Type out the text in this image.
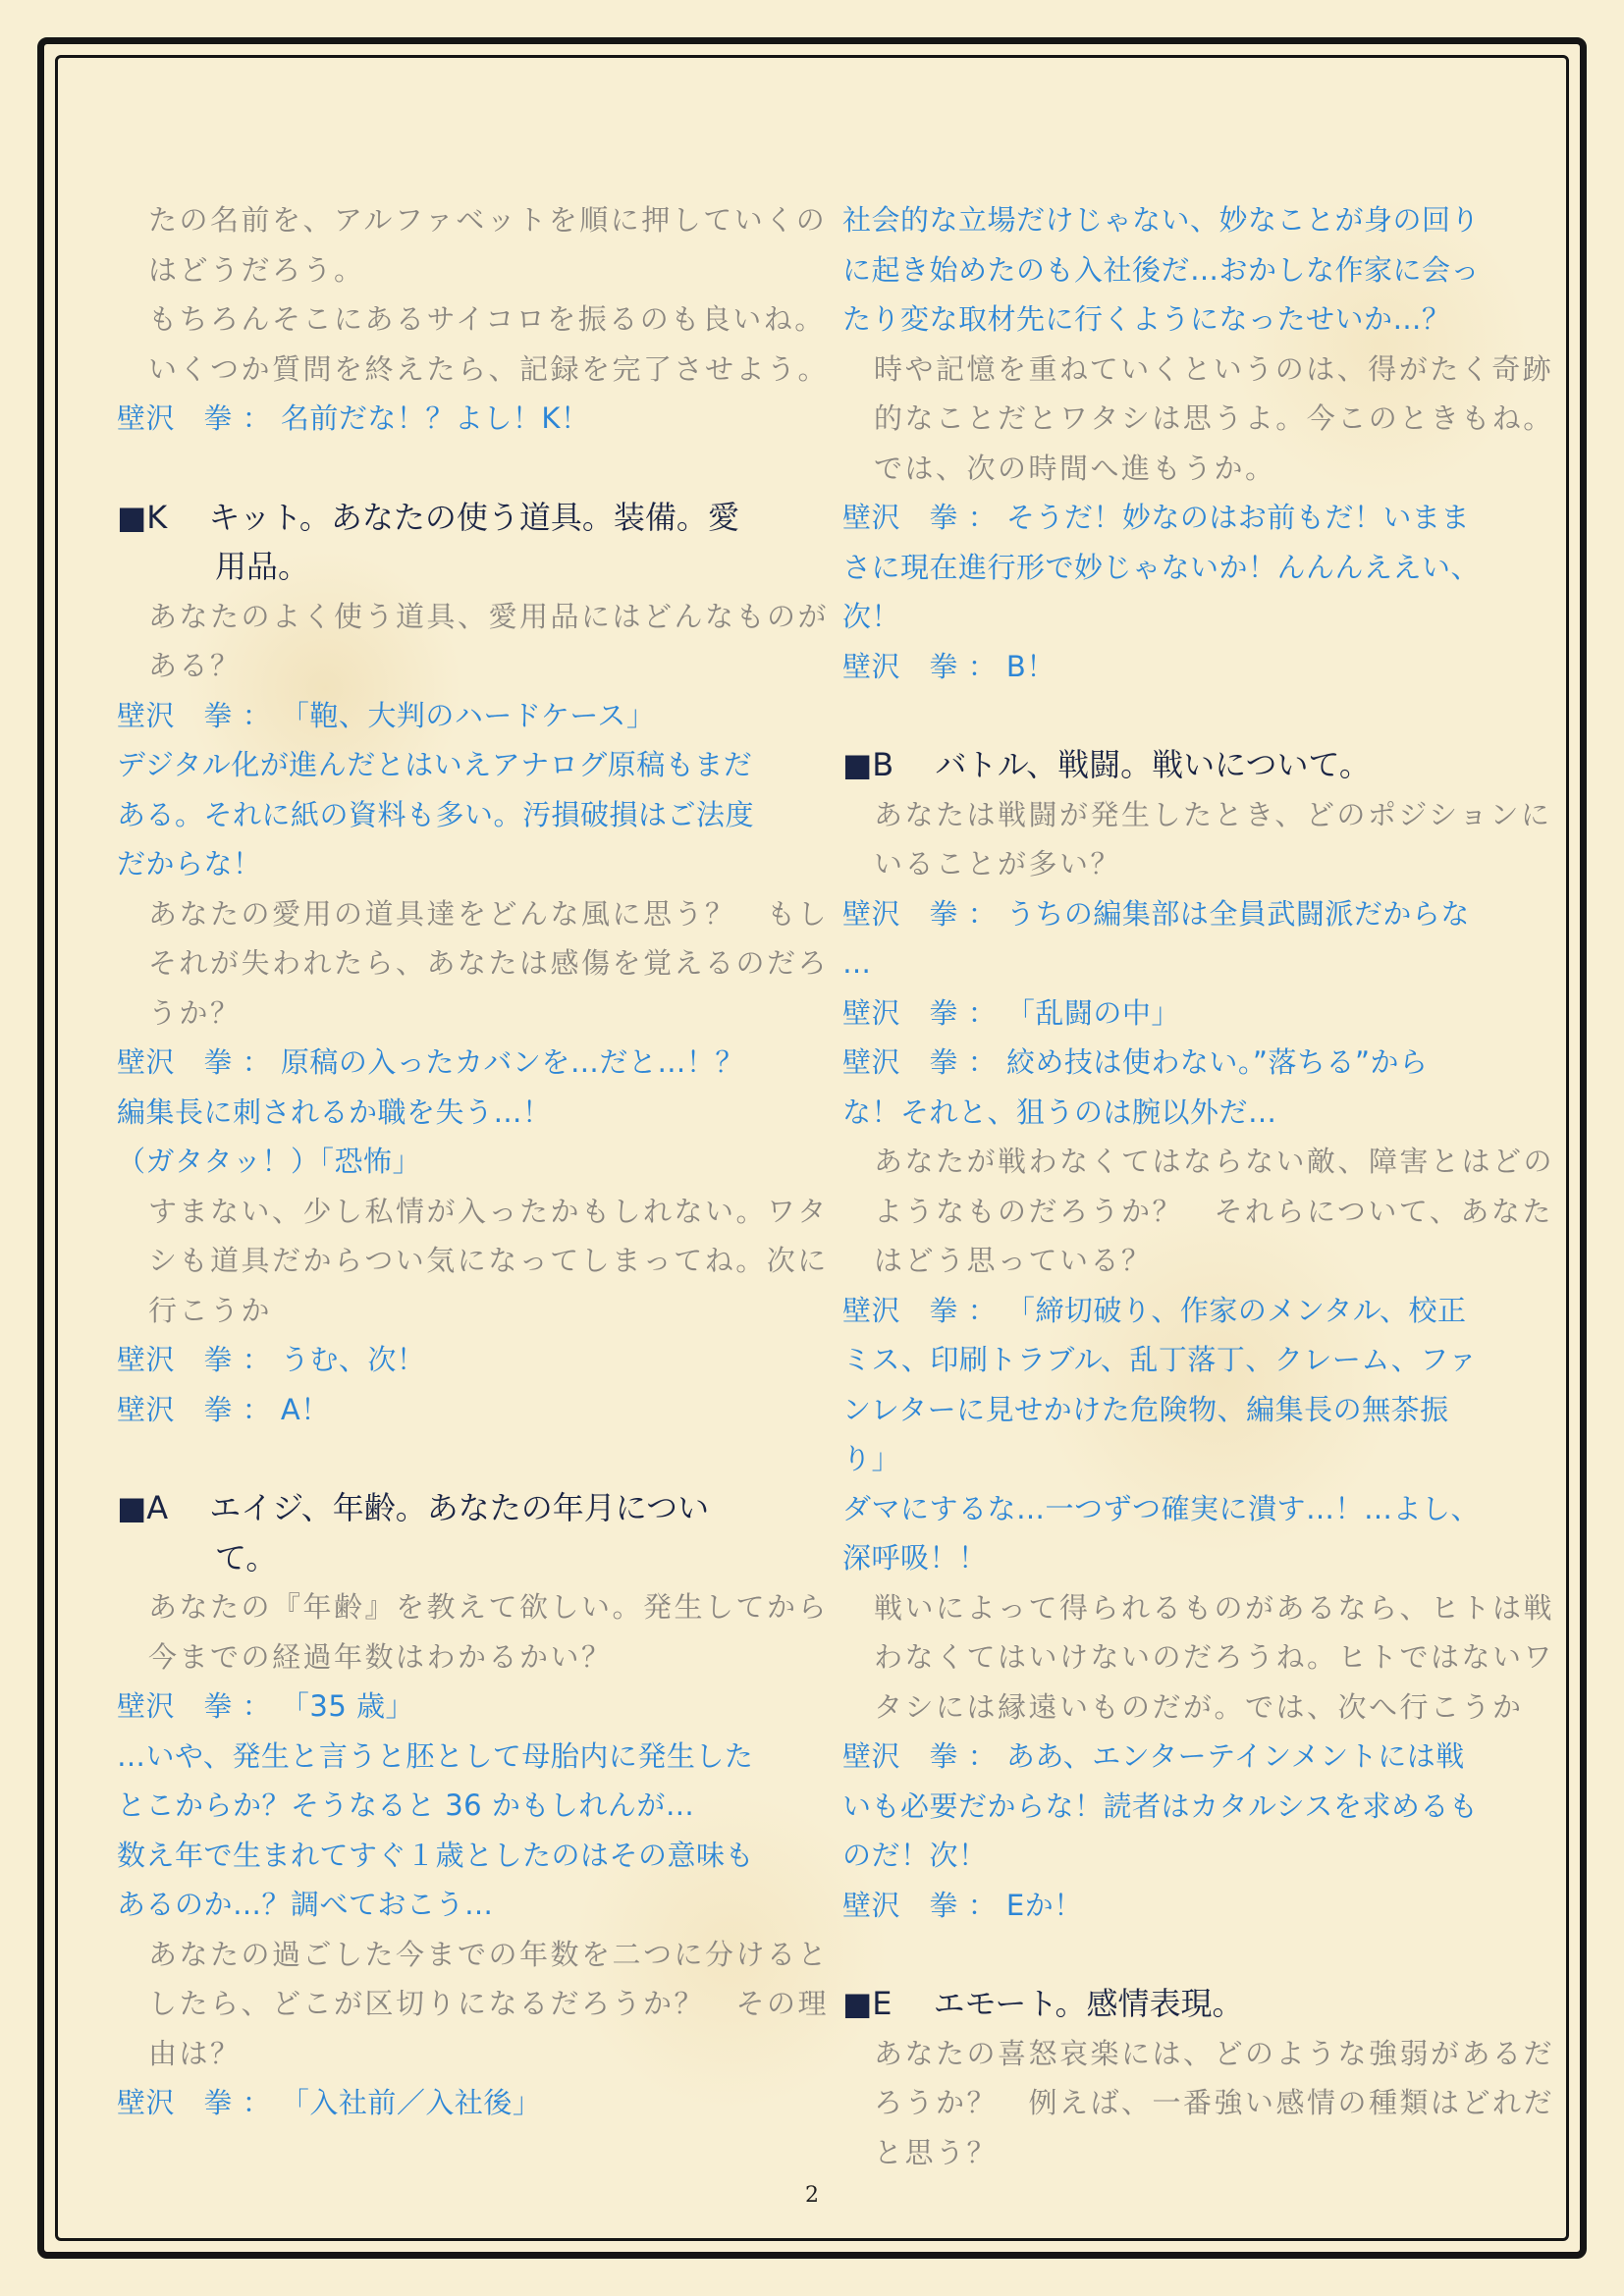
たの名前を、アルファベットを順に押していくの
はどうだろう。
もちろんそこにあるサイコロを振るのも良いね。
いくつか質問を終えたら、記録を完了させよう。
壁沢　拳 ： 名前だな！？よし！K！
■K　 キット。あなたの使う道具。装備。愛
用品。
あなたのよく使う道具、愛用品にはどんなものが
ある？
壁沢　拳 ： 「鞄、大判のハードケース」
デジタル化が進んだとはいえアナログ原稿もまだ
ある。それに紙の資料も多い。汚損破損はご法度
だからな！
あなたの愛用の道具達をどんな風に思う？　もし
それが失われたら、あなたは感傷を覚えるのだろ
うか？
壁沢　拳 ： 原稿の入ったカバンを…だと…！？
編集長に刺されるか職を失う…！
（ガタタッ！）「恐怖」
すまない、少し私情が入ったかもしれない。ワタ
シも道具だからつい気になってしまってね。次に
行こうか
壁沢　拳 ： うむ、次！
壁沢　拳 ： A！
■A　 エイジ、年齢。あなたの年月につい
て。
あなたの『年齢』を教えて欲しい。発生してから
今までの経過年数はわかるかい？
壁沢　拳 ： 「35 歳」
…いや、発生と言うと胚として母胎内に発生した
とこからか？そうなると 36 かもしれんが…
数え年で生まれてすぐ１歳としたのはその意味も
あるのか…？調べておこう…
あなたの過ごした今までの年数を二つに分けると
したら、どこが区切りになるだろうか？　その理
由は？
壁沢　拳 ： 「入社前／入社後」
社会的な立場だけじゃない、妙なことが身の回り
に起き始めたのも入社後だ…おかしな作家に会っ
たり変な取材先に行くようになったせいか…？
時や記憶を重ねていくというのは、得がたく奇跡
的なことだとワタシは思うよ。今このときもね。
では、次の時間へ進もうか。
壁沢　拳 ： そうだ！妙なのはお前もだ！いまま
さに現在進行形で妙じゃないか！んんんええい、
次！
壁沢　拳 ： B！
■B　 バトル、戦闘。戦いについて。
あなたは戦闘が発生したとき、どのポジションに
いることが多い？
壁沢　拳 ： うちの編集部は全員武闘派だからな
…
壁沢　拳 ： 「乱闘の中」
壁沢　拳 ： 絞め技は使わない。”落ちる”から
な！それと、狙うのは腕以外だ…
あなたが戦わなくてはならない敵、障害とはどの
ようなものだろうか？　それらについて、あなた
はどう思っている？
壁沢　拳 ： 「締切破り、作家のメンタル、校正
ミス、印刷トラブル、乱丁落丁、クレーム、ファ
ンレターに見せかけた危険物、編集長の無茶振
り」
ダマにするな…一つずつ確実に潰す…！…よし、
深呼吸！！
戦いによって得られるものがあるなら、ヒトは戦
わなくてはいけないのだろうね。ヒトではないワ
タシには縁遠いものだが。では、次へ行こうか
壁沢　拳 ： ああ、エンターテインメントには戦
いも必要だからな！読者はカタルシスを求めるも
のだ！次！
壁沢　拳 ： Eか！
■E　 エモート。感情表現。
あなたの喜怒哀楽には、どのような強弱があるだ
ろうか？　例えば、一番強い感情の種類はどれだ
と思う？
2
